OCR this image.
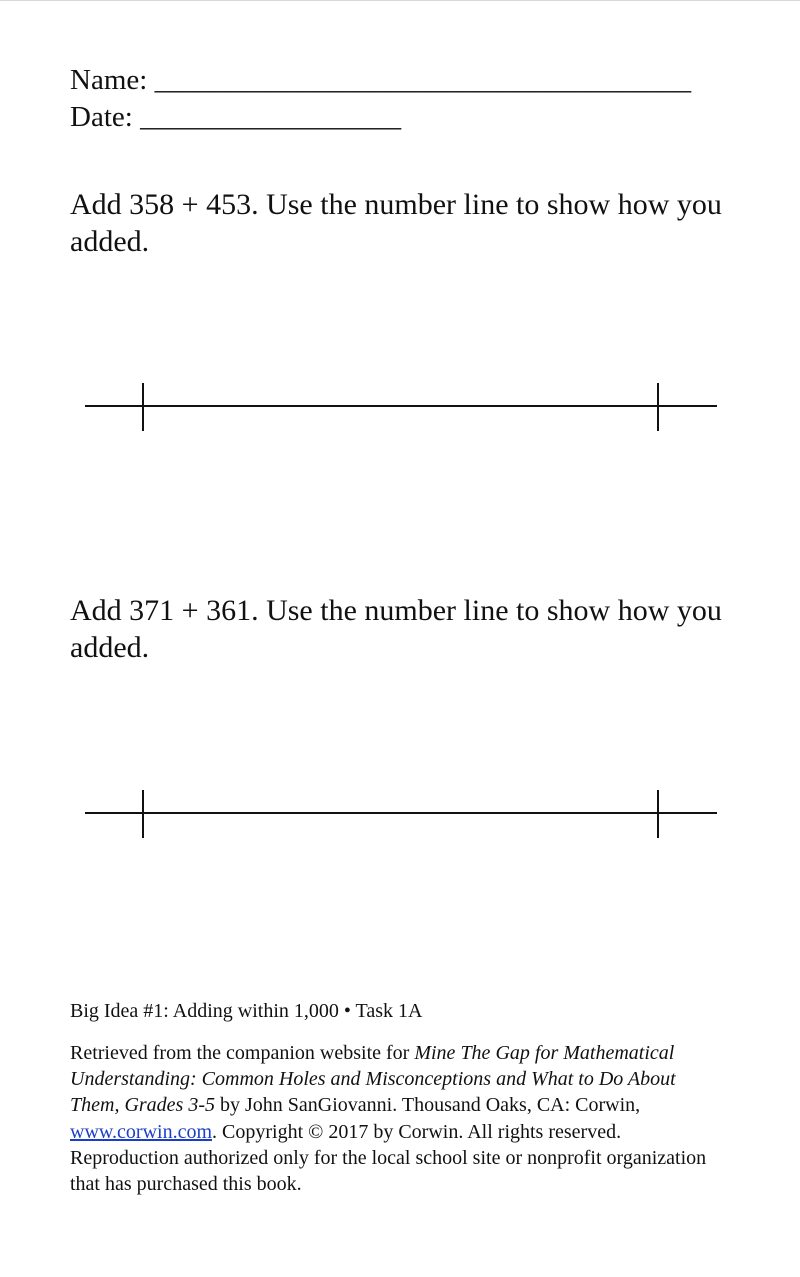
Name: _____________________________________
Date: __________________

Add 358 + 453. Use the number line to show how you added.

Add 371 + 361. Use the number line to show how you added.

Big Idea #1: Adding within 1,000 • Task 1A

Retrieved from the companion website for Mine The Gap for Mathematical Understanding: Common Holes and Misconceptions and What to Do About Them, Grades 3-5 by John SanGiovanni. Thousand Oaks, CA: Corwin, www.corwin.com. Copyright © 2017 by Corwin. All rights reserved. Reproduction authorized only for the local school site or nonprofit organization that has purchased this book.
